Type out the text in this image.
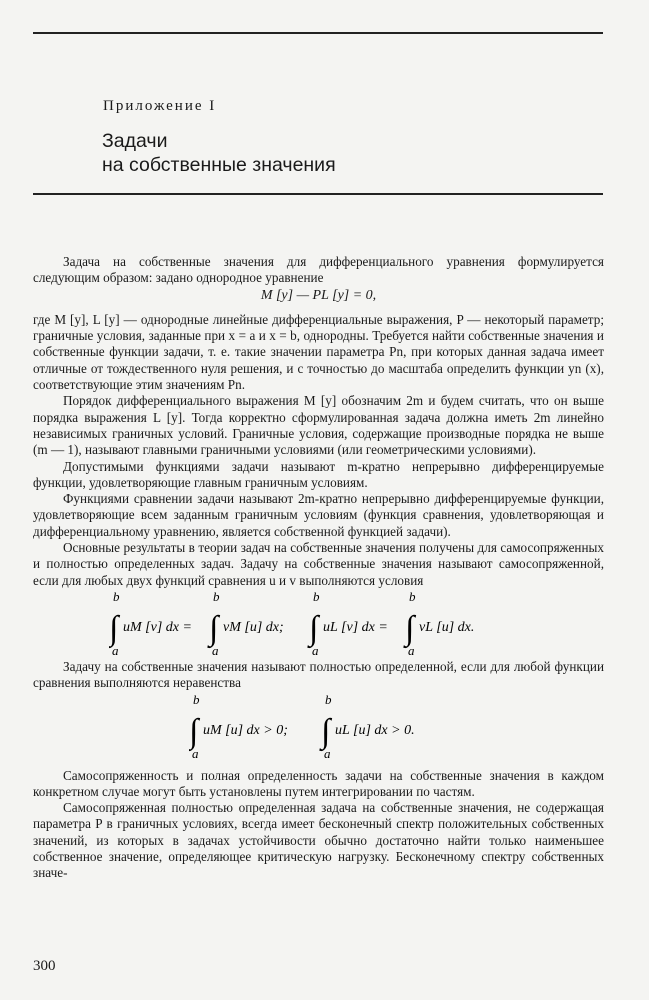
Приложение I
Задачи
на собственные значения

Задача на собственные значения для дифференциального уравнения формулируется следующим образом: задано однородное уравнение

M [y] — PL [y] = 0,

где M [y], L [y] — однородные линейные дифференциальные выражения, P — некоторый параметр; граничные условия, заданные при x = a и x = b, однородны. Требуется найти собственные значения и собственные функции задачи, т. е. такие значении параметра Pn, при которых данная задача имеет отличные от тождественного нуля решения, и с точностью до масштаба определить функции yn (x), соответствующие этим значениям Pn.

Порядок дифференциального выражения M [y] обозначим 2m и будем считать, что он выше порядка выражения L [y]. Тогда корректно сформулированная задача должна иметь 2m линейно независимых граничных условий. Граничные условия, содержащие производные порядка не выше (m — 1), называют главными граничными условиями (или геометрическими условиями).

Допустимыми функциями задачи называют m-кратно непрерывно дифференцируемые функции, удовлетворяющие главным граничным условиям.

Функциями сравнении задачи называют 2m-кратно непрерывно дифференцируемые функции, удовлетворяющие всем заданным граничным условиям (функция сравнения, удовлетворяющая и дифференциальному уравнению, является собственной функцией задачи).

Основные результаты в теории задач на собственные значения получены для самосопряженных и полностью определенных задач. Задачу на собственные значения называют самосопряженной, если для любых двух функций сравнения u и v выполняются условия

b	b	b	b
a	a	a	a
∫	∫	∫	∫
uM [v] dx = vM [u] dx;	uL [v] dx = vL [u] dx.

Задачу на собственные значения называют полностью определенной, если для любой функции сравнения выполняются неравенства

b	b
a	a
∫	∫
uM [u] dx > 0;	uL [u] dx > 0.

Самосопряженность и полная определенность задачи на собственные значения в каждом конкретном случае могут быть установлены путем интегрировании по частям.

Самосопряженная полностью определенная задача на собственные значения, не содержащая параметра P в граничных условиях, всегда имеет бесконечный спектр положительных собственных значений, из которых в задачах устойчивости обычно достаточно найти только наименьшее собственное значение, определяющее критическую нагрузку. Бесконечному спектру собственных значе-

300
